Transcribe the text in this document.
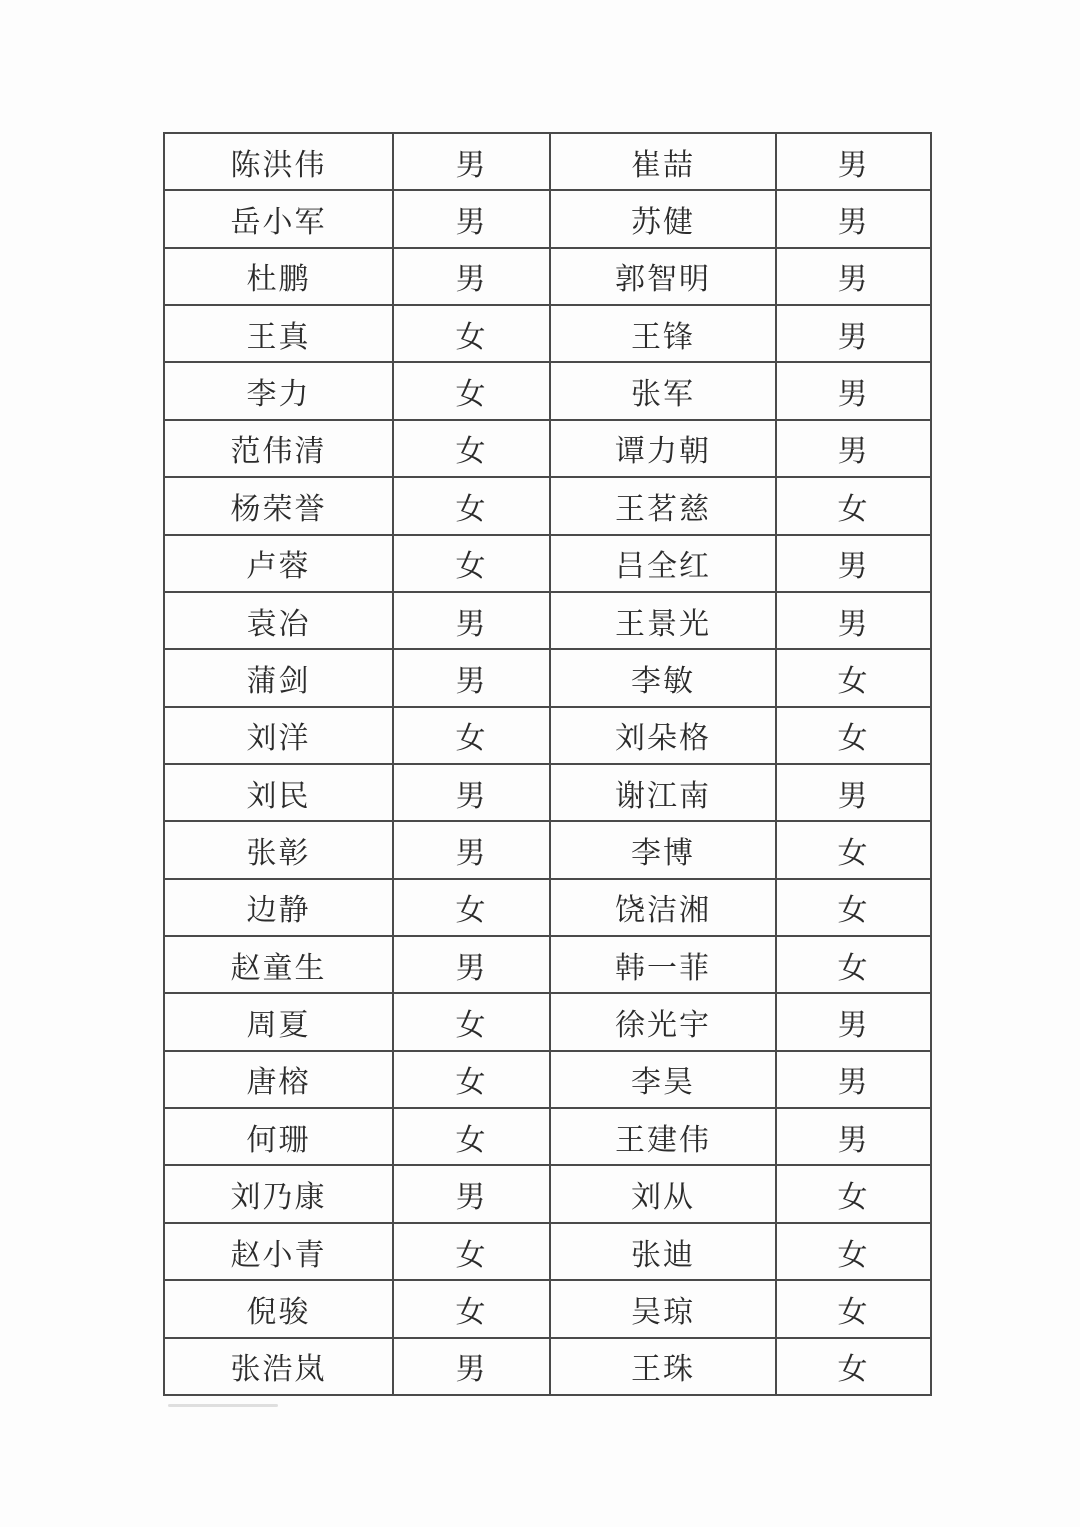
陈洪伟	男	崔喆	男
岳小军	男	苏健	男
杜鹏	男	郭智明	男
王真	女	王锋	男
李力	女	张军	男
范伟清	女	谭力朝	男
杨荣誉	女	王茗慈	女
卢蓉	女	吕全红	男
袁冶	男	王景光	男
蒲剑	男	李敏	女
刘洋	女	刘朵格	女
刘民	男	谢江南	男
张彰	男	李博	女
边静	女	饶洁湘	女
赵童生	男	韩一菲	女
周夏	女	徐光宇	男
唐榕	女	李昊	男
何珊	女	王建伟	男
刘乃康	男	刘从	女
赵小青	女	张迪	女
倪骏	女	吴琼	女
张浩岚	男	王珠	女
